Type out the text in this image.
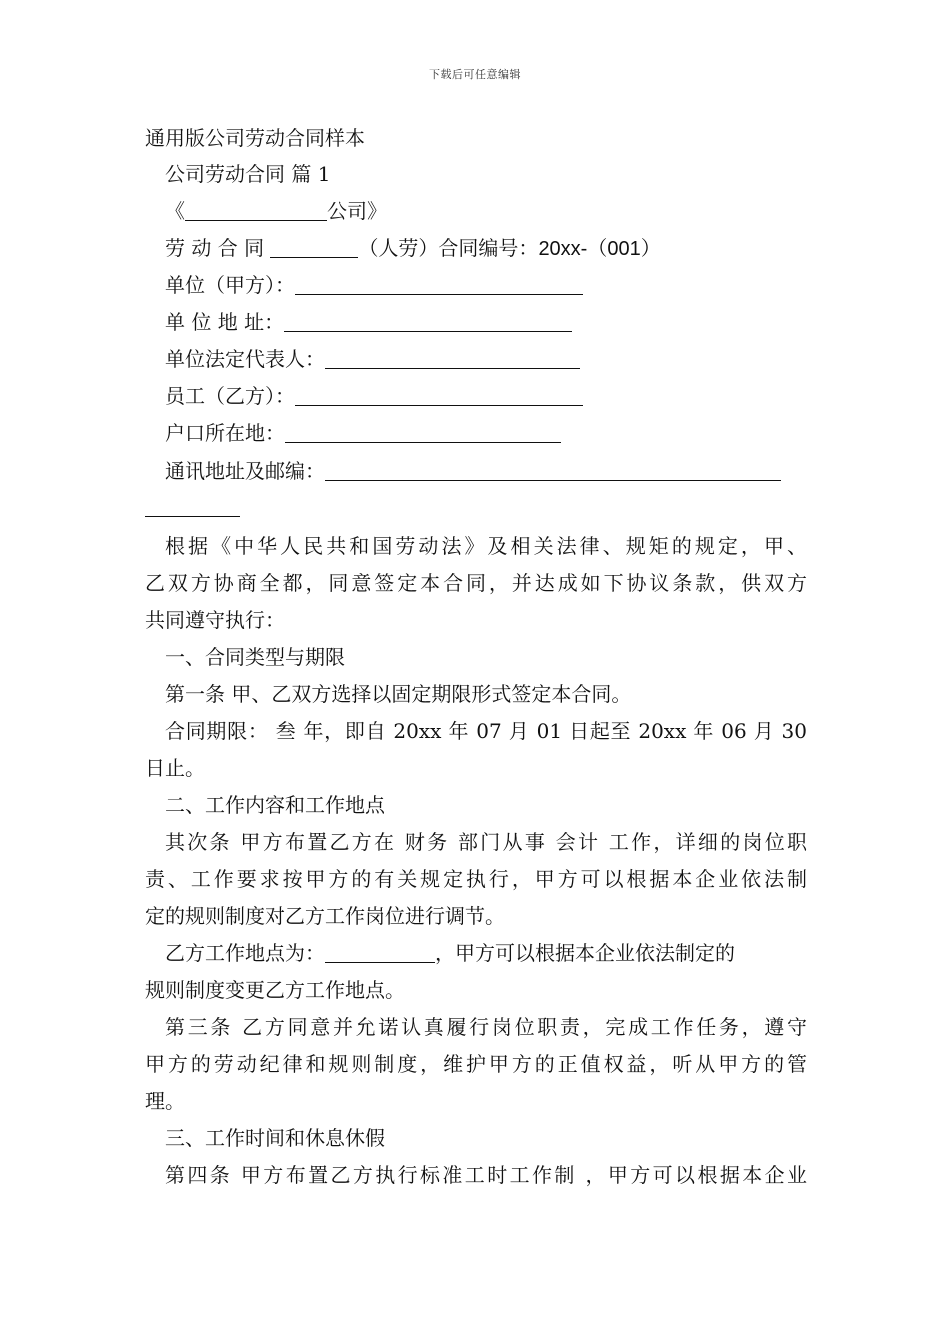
下载后可任意编辑
通用版公司劳动合同样本
公司劳动合同 篇 1
《	公司》
劳 动 合 同	（人劳）合同编号：20xx-（001）
单位（甲方）：
单 位 地 址：
单位法定代表人：
员工（乙方）：
户口所在地：
通讯地址及邮编：
根据《中华人民共和国劳动法》及相关法律、规矩的规定，甲、
乙双方协商全都，同意签定本合同，并达成如下协议条款，供双方
共同遵守执行：
一、合同类型与期限
第一条 甲、乙双方选择以固定期限形式签定本合同。
合同期限： 叁 年，即自 20xx 年 07 月 01 日起至 20xx 年 06 月 30
日止。
二、工作内容和工作地点
其次条 甲方布置乙方在 财务 部门从事 会计 工作，详细的岗位职
责、工作要求按甲方的有关规定执行，甲方可以根据本企业依法制
定的规则制度对乙方工作岗位进行调节。
乙方工作地点为：	，甲方可以根据本企业依法制定的
规则制度变更乙方工作地点。
第三条 乙方同意并允诺认真履行岗位职责，完成工作任务，遵守
甲方的劳动纪律和规则制度，维护甲方的正值权益，听从甲方的管
理。
三、工作时间和休息休假
第四条 甲方布置乙方执行标准工时工作制 ，甲方可以根据本企业
